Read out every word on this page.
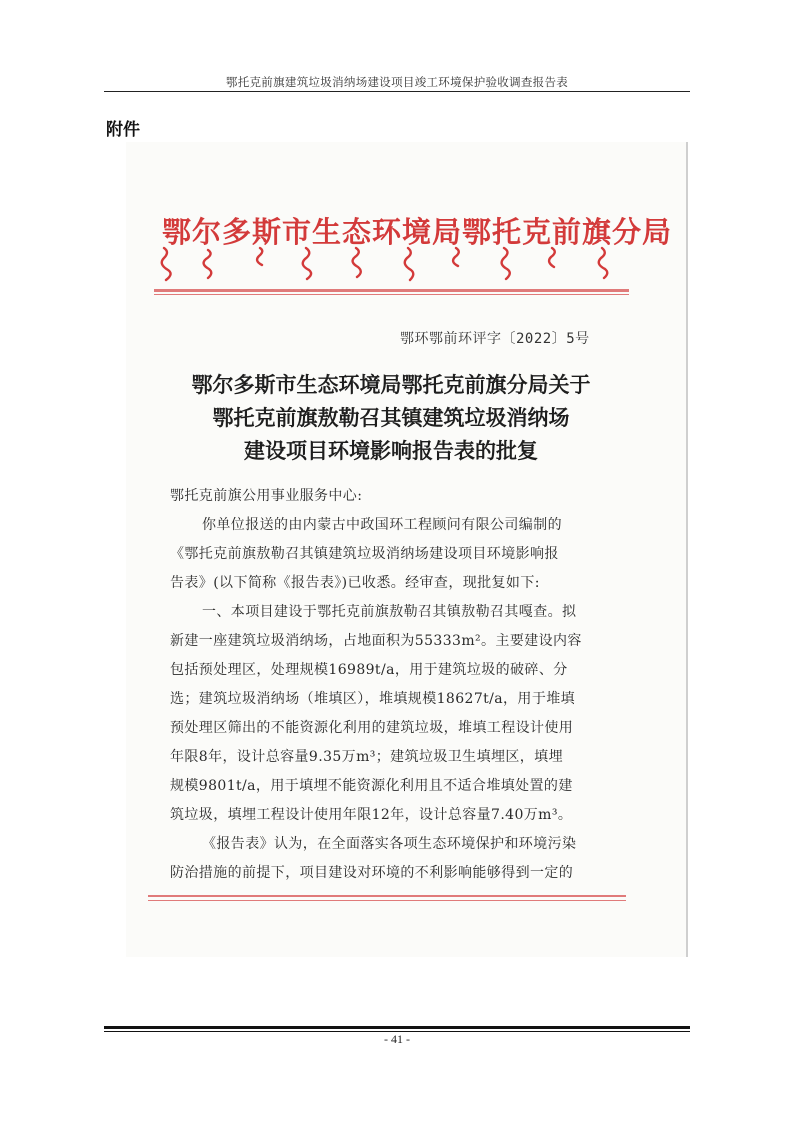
鄂托克前旗建筑垃圾消纳场建设项目竣工环境保护验收调查报告表
附件
鄂尔多斯市生态环境局鄂托克前旗分局
鄂环鄂前环评字〔2022〕5号
鄂尔多斯市生态环境局鄂托克前旗分局关于
鄂托克前旗敖勒召其镇建筑垃圾消纳场
建设项目环境影响报告表的批复
鄂托克前旗公用事业服务中心:
你单位报送的由内蒙古中政国环工程顾问有限公司编制的
《鄂托克前旗敖勒召其镇建筑垃圾消纳场建设项目环境影响报
告表》(以下简称《报告表》)已收悉。经审查，现批复如下:
一、本项目建设于鄂托克前旗敖勒召其镇敖勒召其嘎查。拟
新建一座建筑垃圾消纳场，占地面积为55333m²。主要建设内容
包括预处理区，处理规模16989t/a，用于建筑垃圾的破碎、分
选；建筑垃圾消纳场（堆填区），堆填规模18627t/a，用于堆填
预处理区筛出的不能资源化利用的建筑垃圾，堆填工程设计使用
年限8年，设计总容量9.35万m³；建筑垃圾卫生填埋区，填埋
规模9801t/a，用于填埋不能资源化利用且不适合堆填处置的建
筑垃圾，填埋工程设计使用年限12年，设计总容量7.40万m³。
《报告表》认为，在全面落实各项生态环境保护和环境污染
防治措施的前提下，项目建设对环境的不利影响能够得到一定的
- 41 -
